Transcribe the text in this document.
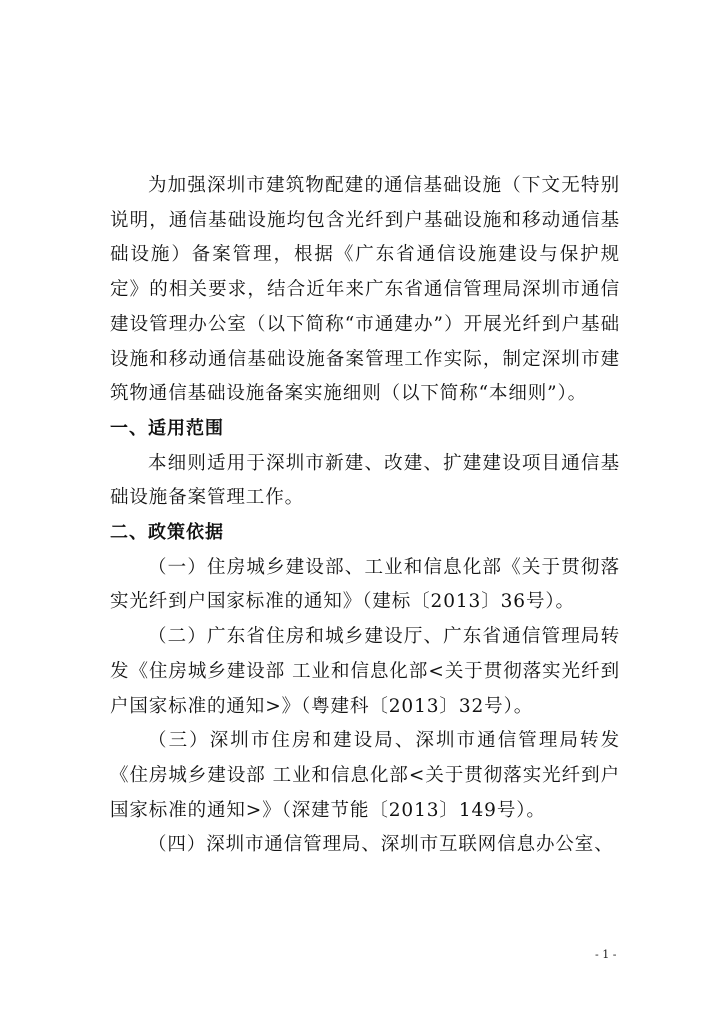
为加强深圳市建筑物配建的通信基础设施（下文无特别说明，通信基础设施均包含光纤到户基础设施和移动通信基础设施）备案管理，根据《广东省通信设施建设与保护规定》的相关要求，结合近年来广东省通信管理局深圳市通信建设管理办公室（以下简称“市通建办”）开展光纤到户基础设施和移动通信基础设施备案管理工作实际，制定深圳市建筑物通信基础设施备案实施细则（以下简称“本细则”）。

一、适用范围

本细则适用于深圳市新建、改建、扩建建设项目通信基础设施备案管理工作。

二、政策依据

（一）住房城乡建设部、工业和信息化部《关于贯彻落实光纤到户国家标准的通知》（建标〔2013〕36号）。

（二）广东省住房和城乡建设厅、广东省通信管理局转发《住房城乡建设部 工业和信息化部<关于贯彻落实光纤到户国家标准的通知>》（粤建科〔2013〕32号）。

（三）深圳市住房和建设局、深圳市通信管理局转发《住房城乡建设部 工业和信息化部<关于贯彻落实光纤到户国家标准的通知>》（深建节能〔2013〕149号）。

（四）深圳市通信管理局、深圳市互联网信息办公室、

- 1 -
